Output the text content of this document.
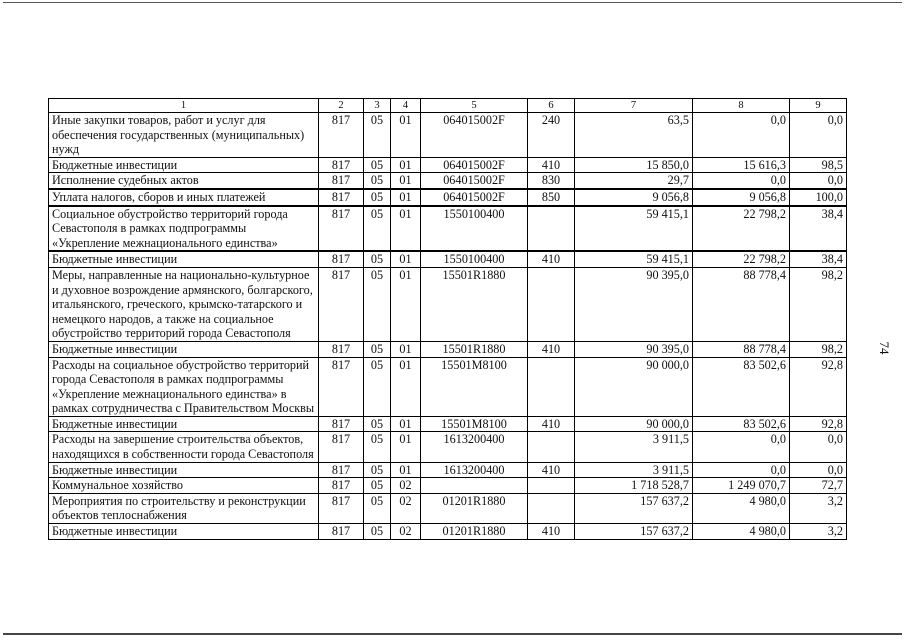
1	2	3	4	5	6	7	8	9
Иные закупки товаров, работ и услуг для обеспечения государственных (муниципальных) нужд	817	05	01	064015002F	240	63,5	0,0	0,0
Бюджетные инвестиции	817	05	01	064015002F	410	15 850,0	15 616,3	98,5
Исполнение судебных актов	817	05	01	064015002F	830	29,7	0,0	0,0
Уплата налогов, сборов и иных платежей	817	05	01	064015002F	850	9 056,8	9 056,8	100,0
Социальное обустройство территорий города Севастополя в рамках подпрограммы «Укрепление межнационального единства»	817	05	01	1550100400		59 415,1	22 798,2	38,4
Бюджетные инвестиции	817	05	01	1550100400	410	59 415,1	22 798,2	38,4
Меры, направленные на национально-культурное и духовное возрождение армянского, болгарского, итальянского, греческого, крымско-татарского и немецкого народов, а также на социальное обустройство территорий города Севастополя	817	05	01	15501R1880		90 395,0	88 778,4	98,2
Бюджетные инвестиции	817	05	01	15501R1880	410	90 395,0	88 778,4	98,2
Расходы на социальное обустройство территорий города Севастополя в рамках подпрограммы «Укрепление межнационального единства» в рамках сотрудничества с Правительством Москвы	817	05	01	15501M8100		90 000,0	83 502,6	92,8
Бюджетные инвестиции	817	05	01	15501M8100	410	90 000,0	83 502,6	92,8
Расходы на завершение строительства объектов, находящихся в собственности города Севастополя	817	05	01	1613200400		3 911,5	0,0	0,0
Бюджетные инвестиции	817	05	01	1613200400	410	3 911,5	0,0	0,0
Коммунальное хозяйство	817	05	02			1 718 528,7	1 249 070,7	72,7
Мероприятия по строительству и реконструкции объектов теплоснабжения	817	05	02	01201R1880		157 637,2	4 980,0	3,2
Бюджетные инвестиции	817	05	02	01201R1880	410	157 637,2	4 980,0	3,2
74
